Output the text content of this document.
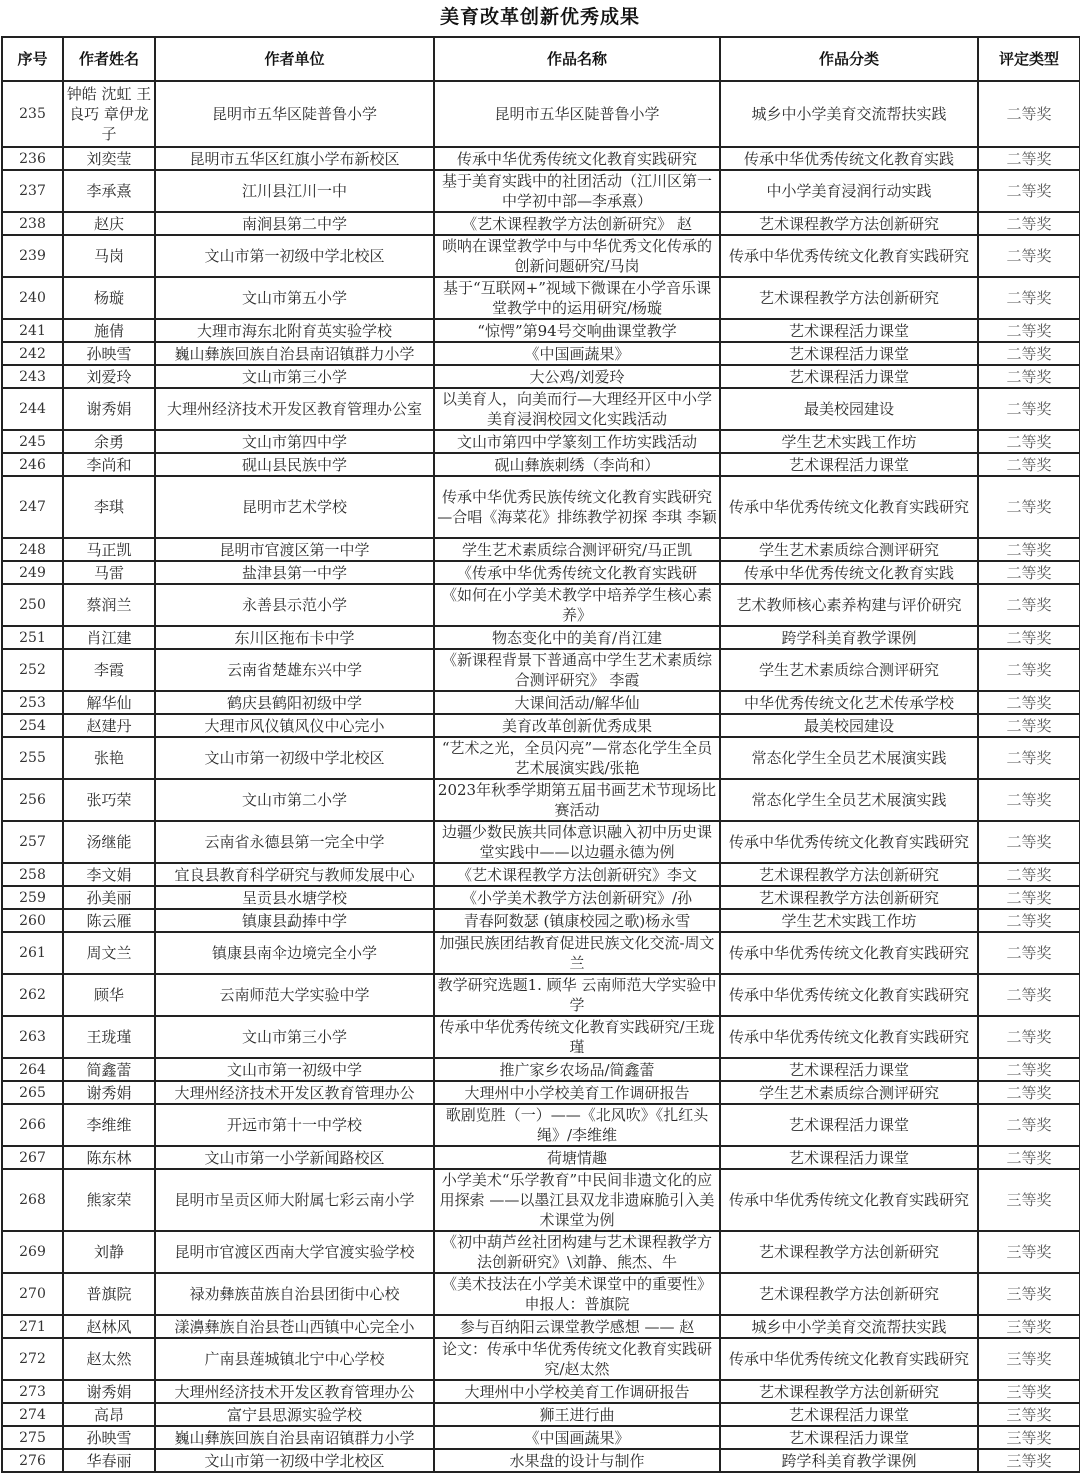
美育改革创新优秀成果
序号	作者姓名	作者单位	作品名称	作品分类	评定类型

235	钟皓 沈虹 王良巧 章伊龙子	昆明市五华区陡普鲁小学	昆明市五华区陡普鲁小学	城乡中小学美育交流帮扶实践	二等奖

236	刘奕莹	昆明市五华区红旗小学布新校区	传承中华优秀传统文化教育实践研究	传承中华优秀传统文化教育实践	二等奖

237	李承熹	江川县江川一中	基于美育实践中的社团活动（江川区第一中学初中部—李承熹）	中小学美育浸润行动实践	二等奖

238	赵庆	南涧县第二中学	《艺术课程教学方法创新研究》 赵	艺术课程教学方法创新研究	二等奖

239	马岗	文山市第一初级中学北校区	唢呐在课堂教学中与中华优秀文化传承的创新问题研究/马岗	传承中华优秀传统文化教育实践研究	二等奖

240	杨璇	文山市第五小学	基于“互联网+”视域下微课在小学音乐课堂教学中的运用研究/杨璇	艺术课程教学方法创新研究	二等奖

241	施倩	大理市海东北附育英实验学校	“惊愕”第94号交响曲课堂教学	艺术课程活力课堂	二等奖

242	孙映雪	巍山彝族回族自治县南诏镇群力小学	《中国画蔬果》	艺术课程活力课堂	二等奖

243	刘爱玲	文山市第三小学	大公鸡/刘爱玲	艺术课程活力课堂	二等奖

244	谢秀娟	大理州经济技术开发区教育管理办公室	以美育人，向美而行—大理经开区中小学美育浸润校园文化实践活动	最美校园建设	二等奖

245	余勇	文山市第四中学	文山市第四中学篆刻工作坊实践活动	学生艺术实践工作坊	二等奖

246	李尚和	砚山县民族中学	砚山彝族刺绣（李尚和）	艺术课程活力课堂	二等奖

247	李琪	昆明市艺术学校	传承中华优秀民族传统文化教育实践研究—合唱《海菜花》排练教学初探 李琪 李颖	传承中华优秀传统文化教育实践研究	二等奖

248	马正凯	昆明市官渡区第一中学	学生艺术素质综合测评研究/马正凯	学生艺术素质综合测评研究	二等奖

249	马雷	盐津县第一中学	《传承中华优秀传统文化教育实践研	传承中华优秀传统文化教育实践	二等奖

250	蔡润兰	永善县示范小学	《如何在小学美术教学中培养学生核心素养》	艺术教师核心素养构建与评价研究	二等奖

251	肖江建	东川区拖布卡中学	物态变化中的美育/肖江建	跨学科美育教学课例	二等奖

252	李霞	云南省楚雄东兴中学	《新课程背景下普通高中学生艺术素质综合测评研究》 李霞	学生艺术素质综合测评研究	二等奖

253	解华仙	鹤庆县鹤阳初级中学	大课间活动/解华仙	中华优秀传统文化艺术传承学校	二等奖

254	赵建丹	大理市风仪镇风仪中心完小	美育改革创新优秀成果	最美校园建设	二等奖

255	张艳	文山市第一初级中学北校区	“艺术之光，全员闪亮”—常态化学生全员艺术展演实践/张艳	常态化学生全员艺术展演实践	二等奖

256	张巧荣	文山市第二小学	2023年秋季学期第五届书画艺术节现场比赛活动	常态化学生全员艺术展演实践	二等奖

257	汤继能	云南省永德县第一完全中学	边疆少数民族共同体意识融入初中历史课堂实践中——以边疆永德为例	传承中华优秀传统文化教育实践研究	二等奖

258	李文娟	宜良县教育科学研究与教师发展中心	《艺术课程教学方法创新研究》李文	艺术课程教学方法创新研究	二等奖

259	孙美丽	呈贡县水塘学校	《小学美术教学方法创新研究》/孙	艺术课程教学方法创新研究	二等奖

260	陈云雁	镇康县勐捧中学	青春阿数瑟 (镇康校园之歌)杨永雪	学生艺术实践工作坊	二等奖

261	周文兰	镇康县南伞边境完全小学	加强民族团结教育促进民族文化交流-周文兰	传承中华优秀传统文化教育实践研究	二等奖

262	顾华	云南师范大学实验中学	教学研究选题1. 顾华 云南师范大学实验中学	传承中华优秀传统文化教育实践研究	二等奖

263	王珑瑾	文山市第三小学	传承中华优秀传统文化教育实践研究/王珑瑾	传承中华优秀传统文化教育实践研究	二等奖

264	简鑫蕾	文山市第一初级中学	推广家乡农场品/简鑫蕾	艺术课程活力课堂	二等奖

265	谢秀娟	大理州经济技术开发区教育管理办公	大理州中小学校美育工作调研报告	学生艺术素质综合测评研究	二等奖

266	李维维	开远市第十一中学校	歌剧览胜（一）——《北风吹》《扎红头绳》/李维维	艺术课程活力课堂	二等奖

267	陈东林	文山市第一小学新闻路校区	荷塘情趣	艺术课程活力课堂	二等奖

268	熊家荣	昆明市呈贡区师大附属七彩云南小学	小学美术“乐学教育”中民间非遗文化的应用探索 ——以墨江县双龙非遗麻脆引入美术课堂为例	传承中华优秀传统文化教育实践研究	三等奖

269	刘静	昆明市官渡区西南大学官渡实验学校	《初中葫芦丝社团构建与艺术课程教学方法创新研究》\刘静、熊杰、牛	艺术课程教学方法创新研究	三等奖

270	普旗院	禄劝彝族苗族自治县团街中心校	《美术技法在小学美术课堂中的重要性》 申报人：普旗院	艺术课程教学方法创新研究	三等奖

271	赵林风	漾濞彝族自治县苍山西镇中心完全小	参与百纳阳云课堂教学感想 —— 赵	城乡中小学美育交流帮扶实践	三等奖

272	赵太然	广南县莲城镇北宁中心学校	论文：传承中华优秀传统文化教育实践研究/赵太然	传承中华优秀传统文化教育实践研究	三等奖

273	谢秀娟	大理州经济技术开发区教育管理办公	大理州中小学校美育工作调研报告	艺术课程教学方法创新研究	三等奖

274	高昂	富宁县思源实验学校	狮王进行曲	艺术课程活力课堂	三等奖

275	孙映雪	巍山彝族回族自治县南诏镇群力小学	《中国画蔬果》	艺术课程活力课堂	三等奖

276	华春丽	文山市第一初级中学北校区	水果盘的设计与制作	跨学科美育教学课例	三等奖
